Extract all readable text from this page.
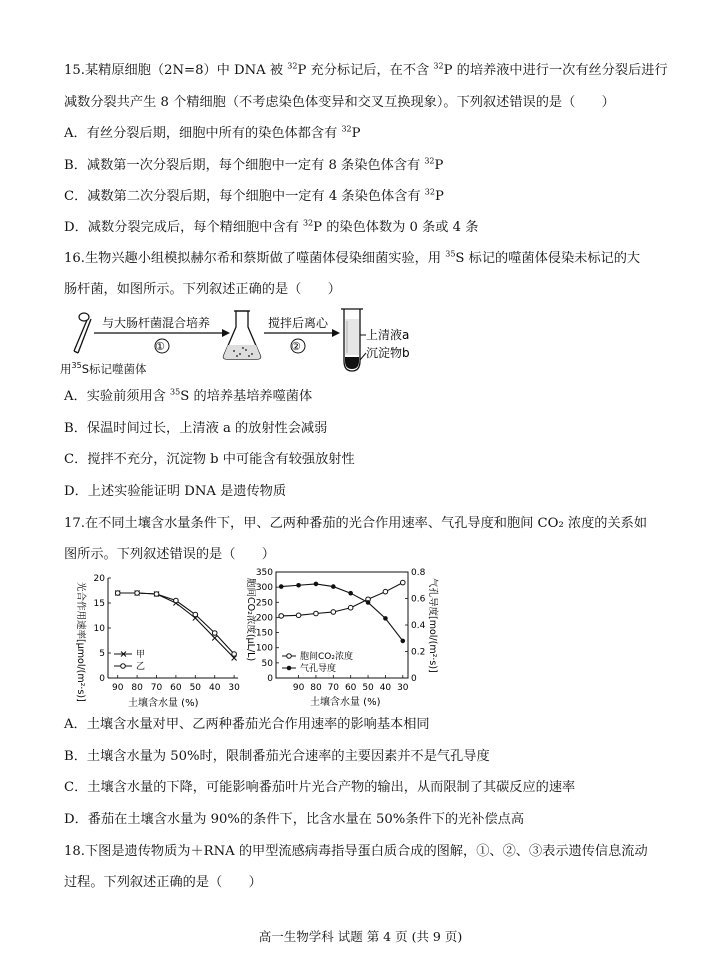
15.某精原细胞（2N=8）中 DNA 被 $^{32}$P 充分标记后，在不含 $^{32}$P 的培养液中进行一次有丝分裂后进行
减数分裂共产生 8 个精细胞（不考虑染色体变异和交叉互换现象）。下列叙述错误的是（　　）
A．有丝分裂后期，细胞中所有的染色体都含有 $^{32}$P
B．减数第一次分裂后期，每个细胞中一定有 8 条染色体含有 $^{32}$P
C．减数第二次分裂后期，每个细胞中一定有 4 条染色体含有 $^{32}$P
D．减数分裂完成后，每个精细胞中含有 $^{32}$P 的染色体数为 0 条或 4 条
16.生物兴趣小组模拟赫尔希和蔡斯做了噬菌体侵染细菌实验，用 $^{35}$S 标记的噬菌体侵染未标记的大
肠杆菌，如图所示。下列叙述正确的是（　　）
与大肠杆菌混合培养
①
搅拌后离心
②
上清液a
沉淀物b
用$^{35}$S标记噬菌体
A．实验前须用含 $^{35}$S 的培养基培养噬菌体
B．保温时间过长，上清液 a 的放射性会减弱
C．搅拌不充分，沉淀物 b 中可能含有较强放射性
D．上述实验能证明 DNA 是遗传物质
17.在不同土壤含水量条件下，甲、乙两种番茄的光合作用速率、气孔导度和胞间 CO₂ 浓度的关系如
图所示。下列叙述错误的是（　　）
0
5
10
15
20
90 80 70 60 50 40 30
土壤含水量 (%)
光合作用速率[μmol/(m²·s)]	甲
乙
0
50
100
150
200
250
300
350
0
0.2
0.4
0.6
0.8
90 80 70 60 50 40 30
土壤含水量 (%)
胞间CO₂浓度(μL/L)	气孔导度[mol/(m²·s)]
胞间CO₂浓度
气孔导度
A．土壤含水量对甲、乙两种番茄光合作用速率的影响基本相同
B．土壤含水量为 50%时，限制番茄光合速率的主要因素并不是气孔导度
C．土壤含水量的下降，可能影响番茄叶片光合产物的输出，从而限制了其碳反应的速率
D．番茄在土壤含水量为 90%的条件下，比含水量在 50%条件下的光补偿点高
18.下图是遗传物质为＋RNA 的甲型流感病毒指导蛋白质合成的图解，①、②、③表示遗传信息流动
过程。下列叙述正确的是（　　）
高一生物学科 试题 第 4 页 (共 9 页)
